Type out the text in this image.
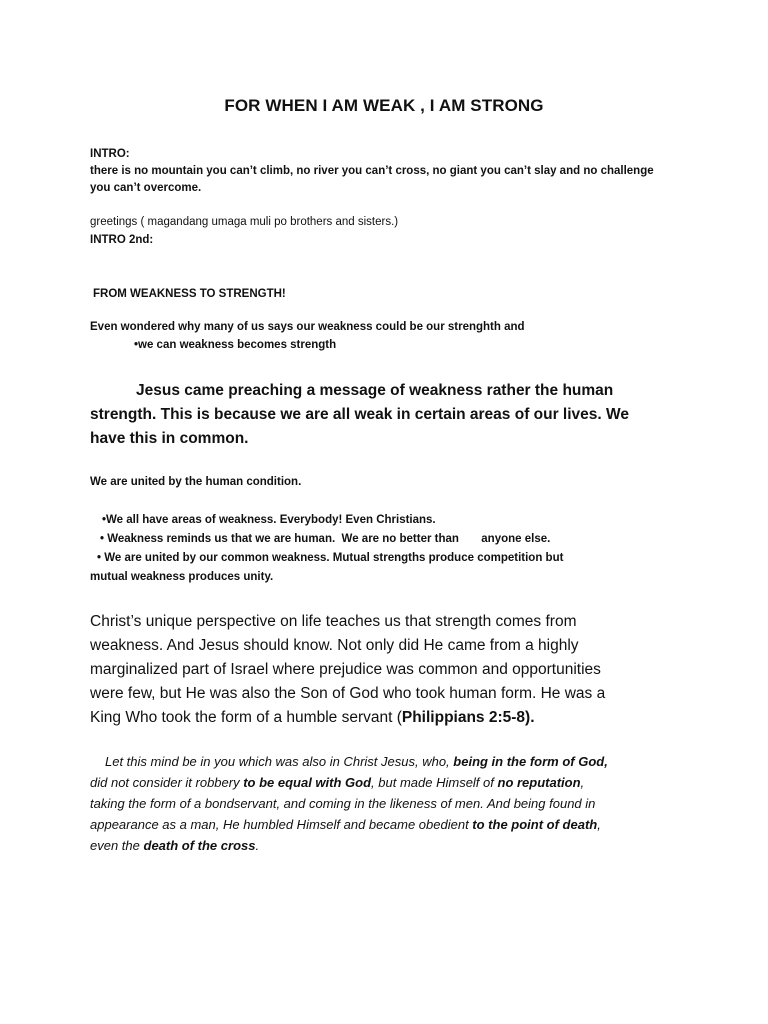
FOR WHEN I AM WEAK , I AM STRONG
INTRO:
there is no mountain you can’t climb, no river you can’t cross, no giant you can’t slay and no challenge
you can’t overcome.
greetings ( magandang umaga muli po brothers and sisters.)
INTRO 2nd:
FROM WEAKNESS TO STRENGTH!
Even wondered why many of us says our weakness could be our strenghth and
•we can weakness becomes strength
Jesus came preaching a message of weakness rather the human
strength. This is because we are all weak in certain areas of our lives. We
have this in common.
We are united by the human condition.
•We all have areas of weakness. Everybody! Even Christians.
• Weakness reminds us that we are human.  We are no better than       anyone else.
• We are united by our common weakness. Mutual strengths produce competition but
mutual weakness produces unity.
Christ’s unique perspective on life teaches us that strength comes from
weakness. And Jesus should know. Not only did He came from a highly
marginalized part of Israel where prejudice was common and opportunities
were few, but He was also the Son of God who took human form. He was a
King Who took the form of a humble servant (Philippians 2:5-8).
Let this mind be in you which was also in Christ Jesus, who, being in the form of God,
did not consider it robbery to be equal with God, but made Himself of no reputation,
taking the form of a bondservant, and coming in the likeness of men. And being found in
appearance as a man, He humbled Himself and became obedient to the point of death,
even the death of the cross.
